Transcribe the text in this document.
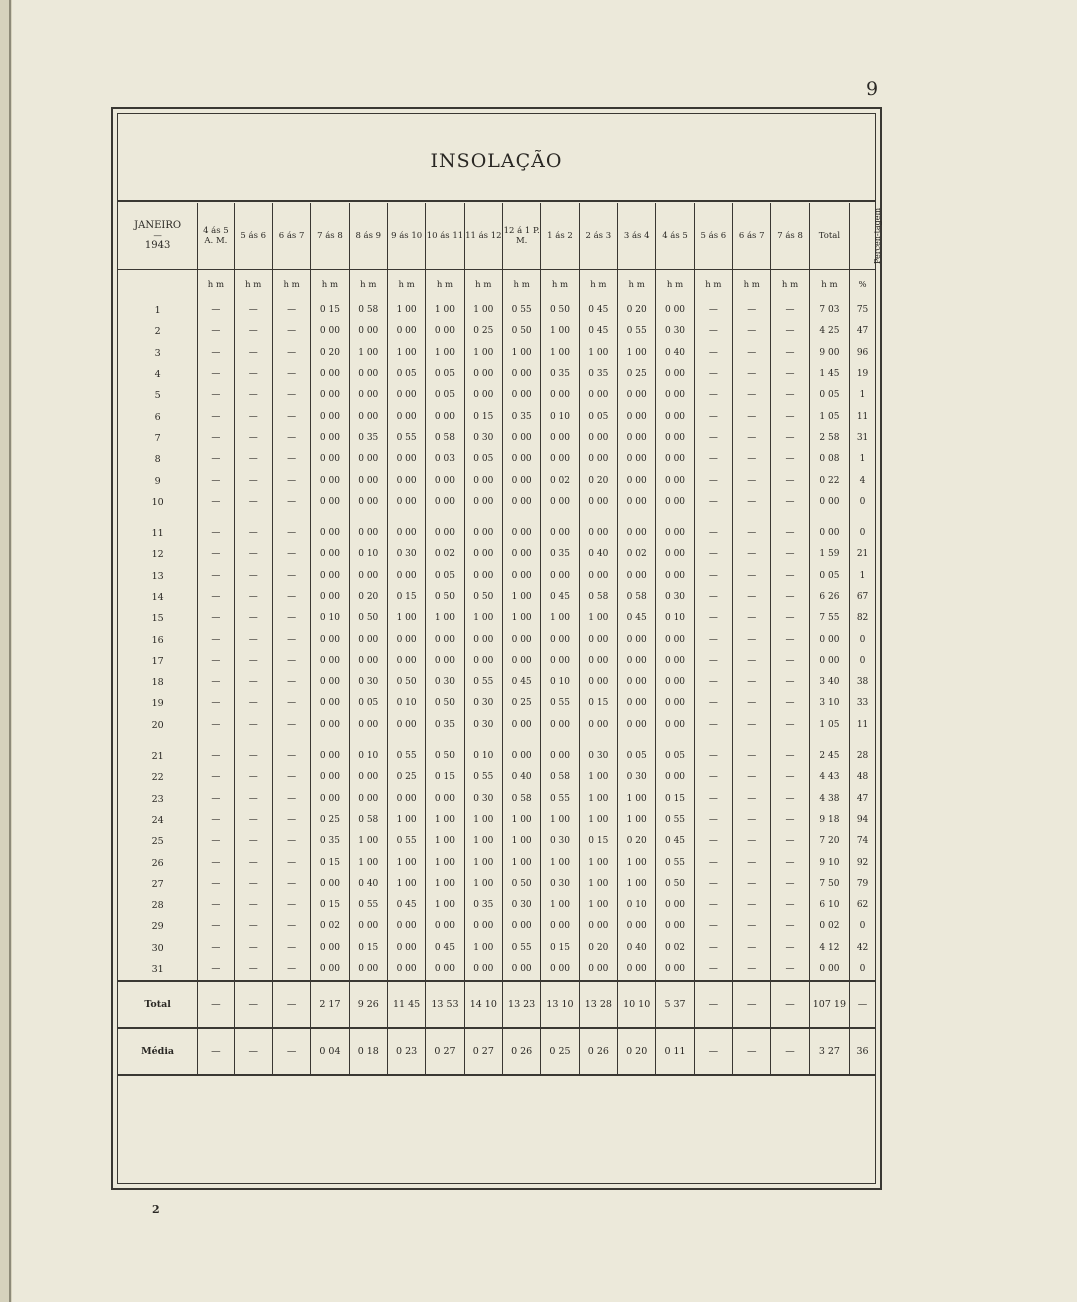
9
INSOLAÇÃO
JANEIRO
—
1943	4 ás 5 A. M.	5 ás 6	6 ás 7	7 ás 8	8 ás 9	9 ás 10	10 ás 11	11 ás 12	12 á 1 P. M.	1 ás 2	2 ás 3	3 ás 4	4 ás 5	5 ás 6	6 ás 7	7 ás 8	Total	Percen-tagem
	h m	h m	h m	h m	h m	h m	h m	h m	h m	h m	h m	h m	h m	h m	h m	h m	h m	%
1	—	—	—	0 15	0 58	1 00	1 00	1 00	0 55	0 50	0 45	0 20	0 00	—	—	—	7 03	75
2	—	—	—	0 00	0 00	0 00	0 00	0 25	0 50	1 00	0 45	0 55	0 30	—	—	—	4 25	47
3	—	—	—	0 20	1 00	1 00	1 00	1 00	1 00	1 00	1 00	1 00	0 40	—	—	—	9 00	96
4	—	—	—	0 00	0 00	0 05	0 05	0 00	0 00	0 35	0 35	0 25	0 00	—	—	—	1 45	19
5	—	—	—	0 00	0 00	0 00	0 05	0 00	0 00	0 00	0 00	0 00	0 00	—	—	—	0 05	1
6	—	—	—	0 00	0 00	0 00	0 00	0 15	0 35	0 10	0 05	0 00	0 00	—	—	—	1 05	11
7	—	—	—	0 00	0 35	0 55	0 58	0 30	0 00	0 00	0 00	0 00	0 00	—	—	—	2 58	31
8	—	—	—	0 00	0 00	0 00	0 03	0 05	0 00	0 00	0 00	0 00	0 00	—	—	—	0 08	1
9	—	—	—	0 00	0 00	0 00	0 00	0 00	0 00	0 02	0 20	0 00	0 00	—	—	—	0 22	4
10	—	—	—	0 00	0 00	0 00	0 00	0 00	0 00	0 00	0 00	0 00	0 00	—	—	—	0 00	0

11	—	—	—	0 00	0 00	0 00	0 00	0 00	0 00	0 00	0 00	0 00	0 00	—	—	—	0 00	0
12	—	—	—	0 00	0 10	0 30	0 02	0 00	0 00	0 35	0 40	0 02	0 00	—	—	—	1 59	21
13	—	—	—	0 00	0 00	0 00	0 05	0 00	0 00	0 00	0 00	0 00	0 00	—	—	—	0 05	1
14	—	—	—	0 00	0 20	0 15	0 50	0 50	1 00	0 45	0 58	0 58	0 30	—	—	—	6 26	67
15	—	—	—	0 10	0 50	1 00	1 00	1 00	1 00	1 00	1 00	0 45	0 10	—	—	—	7 55	82
16	—	—	—	0 00	0 00	0 00	0 00	0 00	0 00	0 00	0 00	0 00	0 00	—	—	—	0 00	0
17	—	—	—	0 00	0 00	0 00	0 00	0 00	0 00	0 00	0 00	0 00	0 00	—	—	—	0 00	0
18	—	—	—	0 00	0 30	0 50	0 30	0 55	0 45	0 10	0 00	0 00	0 00	—	—	—	3 40	38
19	—	—	—	0 00	0 05	0 10	0 50	0 30	0 25	0 55	0 15	0 00	0 00	—	—	—	3 10	33
20	—	—	—	0 00	0 00	0 00	0 35	0 30	0 00	0 00	0 00	0 00	0 00	—	—	—	1 05	11

21	—	—	—	0 00	0 10	0 55	0 50	0 10	0 00	0 00	0 30	0 05	0 05	—	—	—	2 45	28
22	—	—	—	0 00	0 00	0 25	0 15	0 55	0 40	0 58	1 00	0 30	0 00	—	—	—	4 43	48
23	—	—	—	0 00	0 00	0 00	0 00	0 30	0 58	0 55	1 00	1 00	0 15	—	—	—	4 38	47
24	—	—	—	0 25	0 58	1 00	1 00	1 00	1 00	1 00	1 00	1 00	0 55	—	—	—	9 18	94
25	—	—	—	0 35	1 00	0 55	1 00	1 00	1 00	0 30	0 15	0 20	0 45	—	—	—	7 20	74
26	—	—	—	0 15	1 00	1 00	1 00	1 00	1 00	1 00	1 00	1 00	0 55	—	—	—	9 10	92
27	—	—	—	0 00	0 40	1 00	1 00	1 00	0 50	0 30	1 00	1 00	0 50	—	—	—	7 50	79
28	—	—	—	0 15	0 55	0 45	1 00	0 35	0 30	1 00	1 00	0 10	0 00	—	—	—	6 10	62
29	—	—	—	0 02	0 00	0 00	0 00	0 00	0 00	0 00	0 00	0 00	0 00	—	—	—	0 02	0
30	—	—	—	0 00	0 15	0 00	0 45	1 00	0 55	0 15	0 20	0 40	0 02	—	—	—	4 12	42
31	—	—	—	0 00	0 00	0 00	0 00	0 00	0 00	0 00	0 00	0 00	0 00	—	—	—	0 00	0
Total	—	—	—	2 17	9 26	11 45	13 53	14 10	13 23	13 10	13 28	10 10	5 37	—	—	—	107 19	—
Média	—	—	—	0 04	0 18	0 23	0 27	0 27	0 26	0 25	0 26	0 20	0 11	—	—	—	3 27	36
2
